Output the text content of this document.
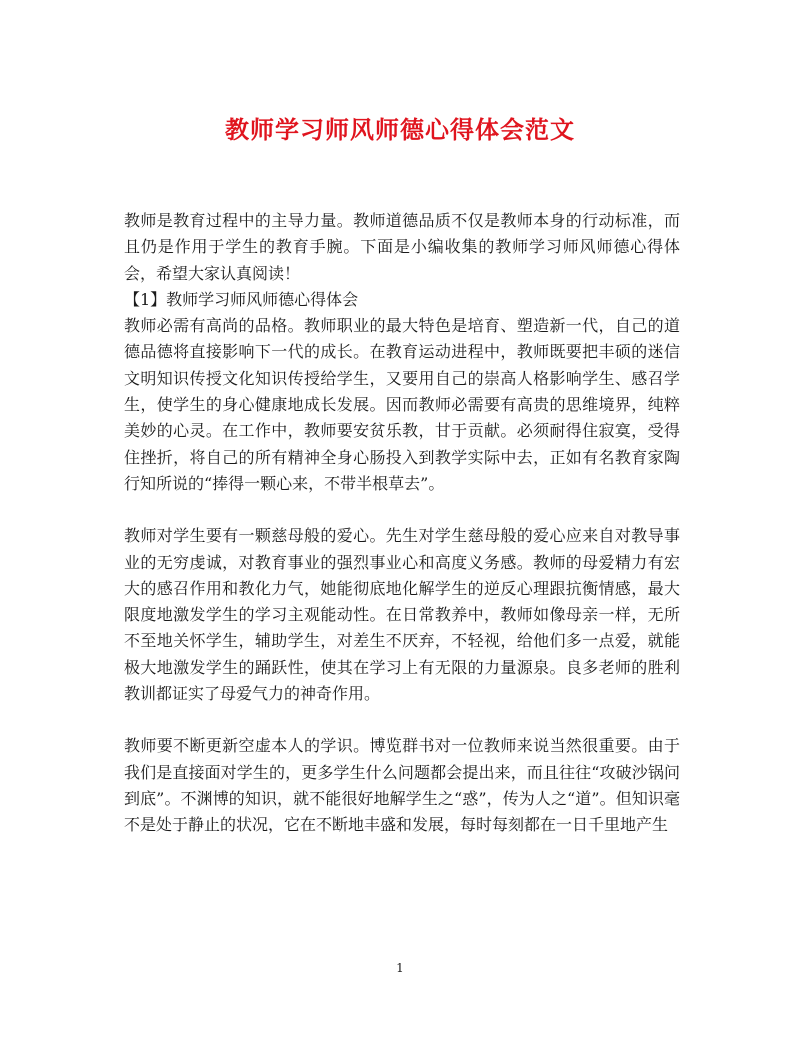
教师学习师风师德心得体会范文

教师是教育过程中的主导力量。教师道德品质不仅是教师本身的行动标准，而且仍是作用于学生的教育手腕。下面是小编收集的教师学习师风师德心得体会，希望大家认真阅读！

【1】教师学习师风师德心得体会

教师必需有高尚的品格。教师职业的最大特色是培育、塑造新一代，自己的道德品德将直接影响下一代的成长。在教育运动进程中，教师既要把丰硕的迷信文明知识传授文化知识传授给学生，又要用自己的崇高人格影响学生、感召学生，使学生的身心健康地成长发展。因而教师必需要有高贵的思维境界，纯粹美妙的心灵。在工作中，教师要安贫乐教，甘于贡献。必须耐得住寂寞，受得住挫折，将自己的所有精神全身心肠投入到教学实际中去，正如有名教育家陶行知所说的“捧得一颗心来，不带半根草去”。

教师对学生要有一颗慈母般的爱心。先生对学生慈母般的爱心应来自对教导事业的无穷虔诚，对教育事业的强烈事业心和高度义务感。教师的母爱精力有宏大的感召作用和教化力气，她能彻底地化解学生的逆反心理跟抗衡情感，最大限度地激发学生的学习主观能动性。在日常教养中，教师如像母亲一样，无所不至地关怀学生，辅助学生，对差生不厌弃，不轻视，给他们多一点爱，就能极大地激发学生的踊跃性，使其在学习上有无限的力量源泉。良多老师的胜利教训都证实了母爱气力的神奇作用。

教师要不断更新空虚本人的学识。博览群书对一位教师来说当然很重要。由于我们是直接面对学生的，更多学生什么问题都会提出来，而且往往“攻破沙锅问到底”。不渊博的知识，就不能很好地解学生之“惑”，传为人之“道”。但知识毫不是处于静止的状况，它在不断地丰盛和发展，每时每刻都在一日千里地产生

1
